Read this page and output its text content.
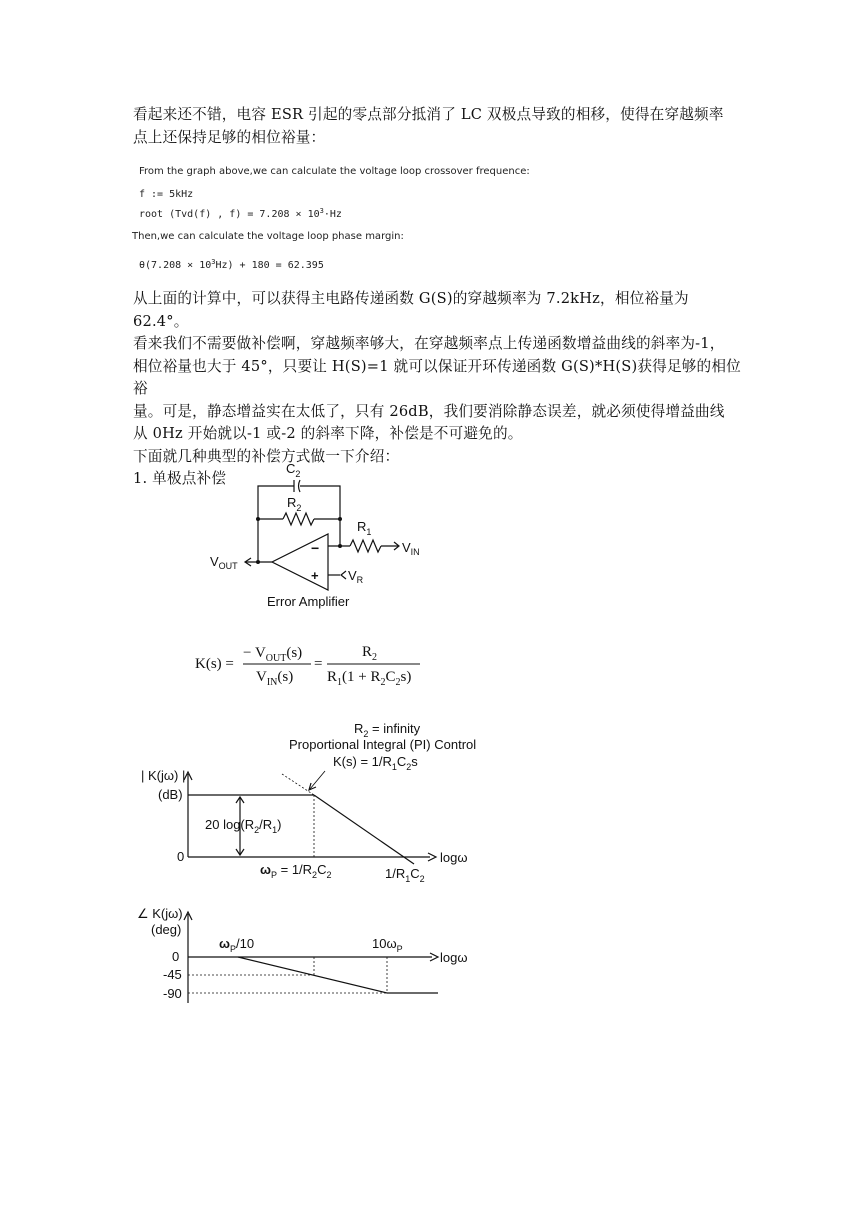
看起来还不错，电容 ESR 引起的零点部分抵消了 LC 双极点导致的相移，使得在穿越频率
点上还保持足够的相位裕量：
From the graph above,we can calculate the voltage loop crossover frequence:
f := 5kHz
root (Tvd(f) , $f) = 7.208 \times 10^3\cdot Hz$
Then,we can calculate the voltage loop phase margin:
$\theta(7.208 \times 10^3Hz) + 180 = 62.395$
从上面的计算中，可以获得主电路传递函数 G(S)的穿越频率为 7.2kHz，相位裕量为 62.4°。
看来我们不需要做补偿啊，穿越频率够大，在穿越频率点上传递函数增益曲线的斜率为-1，
相位裕量也大于 45°，只要让 H(S)=1 就可以保证开环传递函数 G(S)*H(S)获得足够的相位裕
量。可是，静态增益实在太低了，只有 26dB，我们要消除静态误差，就必须使得增益曲线
从 0Hz 开始就以-1 或-2 的斜率下降，补偿是不可避免的。
下面就几种典型的补偿方式做一下介绍：
1. 单极点补偿
$C_2$
$R_2$
$R_1$
$V_{IN}$
$V_{OUT}$
$V_R$
−
+
Error Amplifier
K(s) =
− $V_{OUT}(s)$
$V_{IN}(s)$
=
$R_2$
$R_1(1 + R_2C_2s)$
$R_2$ = infinity
Proportional Integral (PI) Control
$K(s) = 1/R_1C_2s$
| K(jω) |
(dB)
0
20 $\log(R_2/R_1)$
logω
$\omega_P = 1/R_2C_2$	$1/R_1C_2$
∠ K(jω)
(deg)
0
-45
-90
$\omega_P/10$	$10\omega_P$
logω
